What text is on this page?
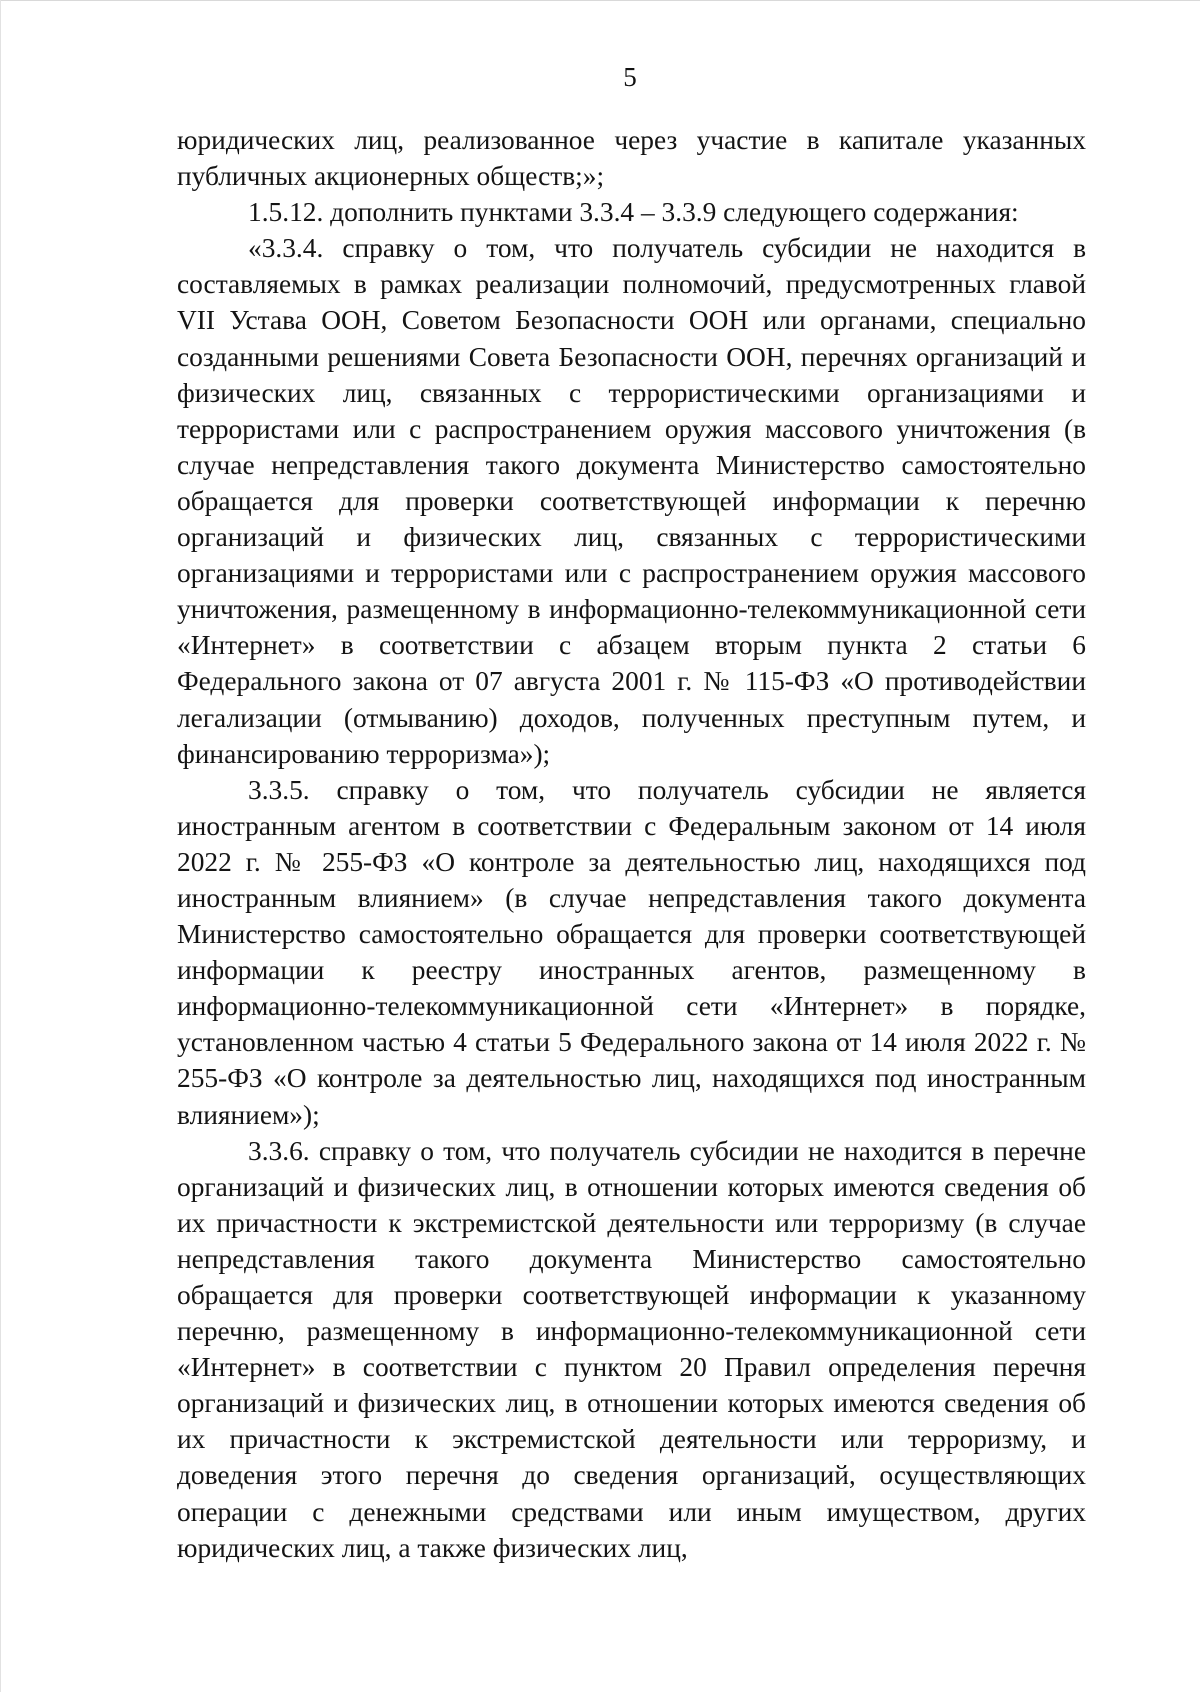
5

юридических лиц, реализованное через участие в капитале указанных публичных акционерных обществ;»;

1.5.12. дополнить пунктами 3.3.4 – 3.3.9 следующего содержания:

«3.3.4. справку о том, что получатель субсидии не находится в составляемых в рамках реализации полномочий, предусмотренных главой VII Устава ООН, Советом Безопасности ООН или органами, специально созданными решениями Совета Безопасности ООН, перечнях организаций и физических лиц, связанных с террористическими организациями и террористами или с распространением оружия массового уничтожения (в случае непредставления такого документа Министерство самостоятельно обращается для проверки соответствующей информации к перечню организаций и физических лиц, связанных с террористическими организациями и террористами или с распространением оружия массового уничтожения, размещенному в информационно-телекоммуникационной сети «Интернет» в соответствии с абзацем вторым пункта 2 статьи 6 Федерального закона от 07 августа 2001 г. № 115-ФЗ «О противодействии легализации (отмыванию) доходов, полученных преступным путем, и финансированию терроризма»);

3.3.5. справку о том, что получатель субсидии не является иностранным агентом в соответствии с Федеральным законом от 14 июля 2022 г. № 255-ФЗ «О контроле за деятельностью лиц, находящихся под иностранным влиянием» (в случае непредставления такого документа Министерство самостоятельно обращается для проверки соответствующей информации к реестру иностранных агентов, размещенному в информационно-телекоммуникационной сети «Интернет» в порядке, установленном частью 4 статьи 5 Федерального закона от 14 июля 2022 г. № 255-ФЗ «О контроле за деятельностью лиц, находящихся под иностранным влиянием»);

3.3.6. справку о том, что получатель субсидии не находится в перечне организаций и физических лиц, в отношении которых имеются сведения об их причастности к экстремистской деятельности или терроризму (в случае непредставления такого документа Министерство самостоятельно обращается для проверки соответствующей информации к указанному перечню, размещенному в информационно-телекоммуникационной сети «Интернет» в соответствии с пунктом 20 Правил определения перечня организаций и физических лиц, в отношении которых имеются сведения об их причастности к экстремистской деятельности или терроризму, и доведения этого перечня до сведения организаций, осуществляющих операции с денежными средствами или иным имуществом, других юридических лиц, а также физических лиц,
